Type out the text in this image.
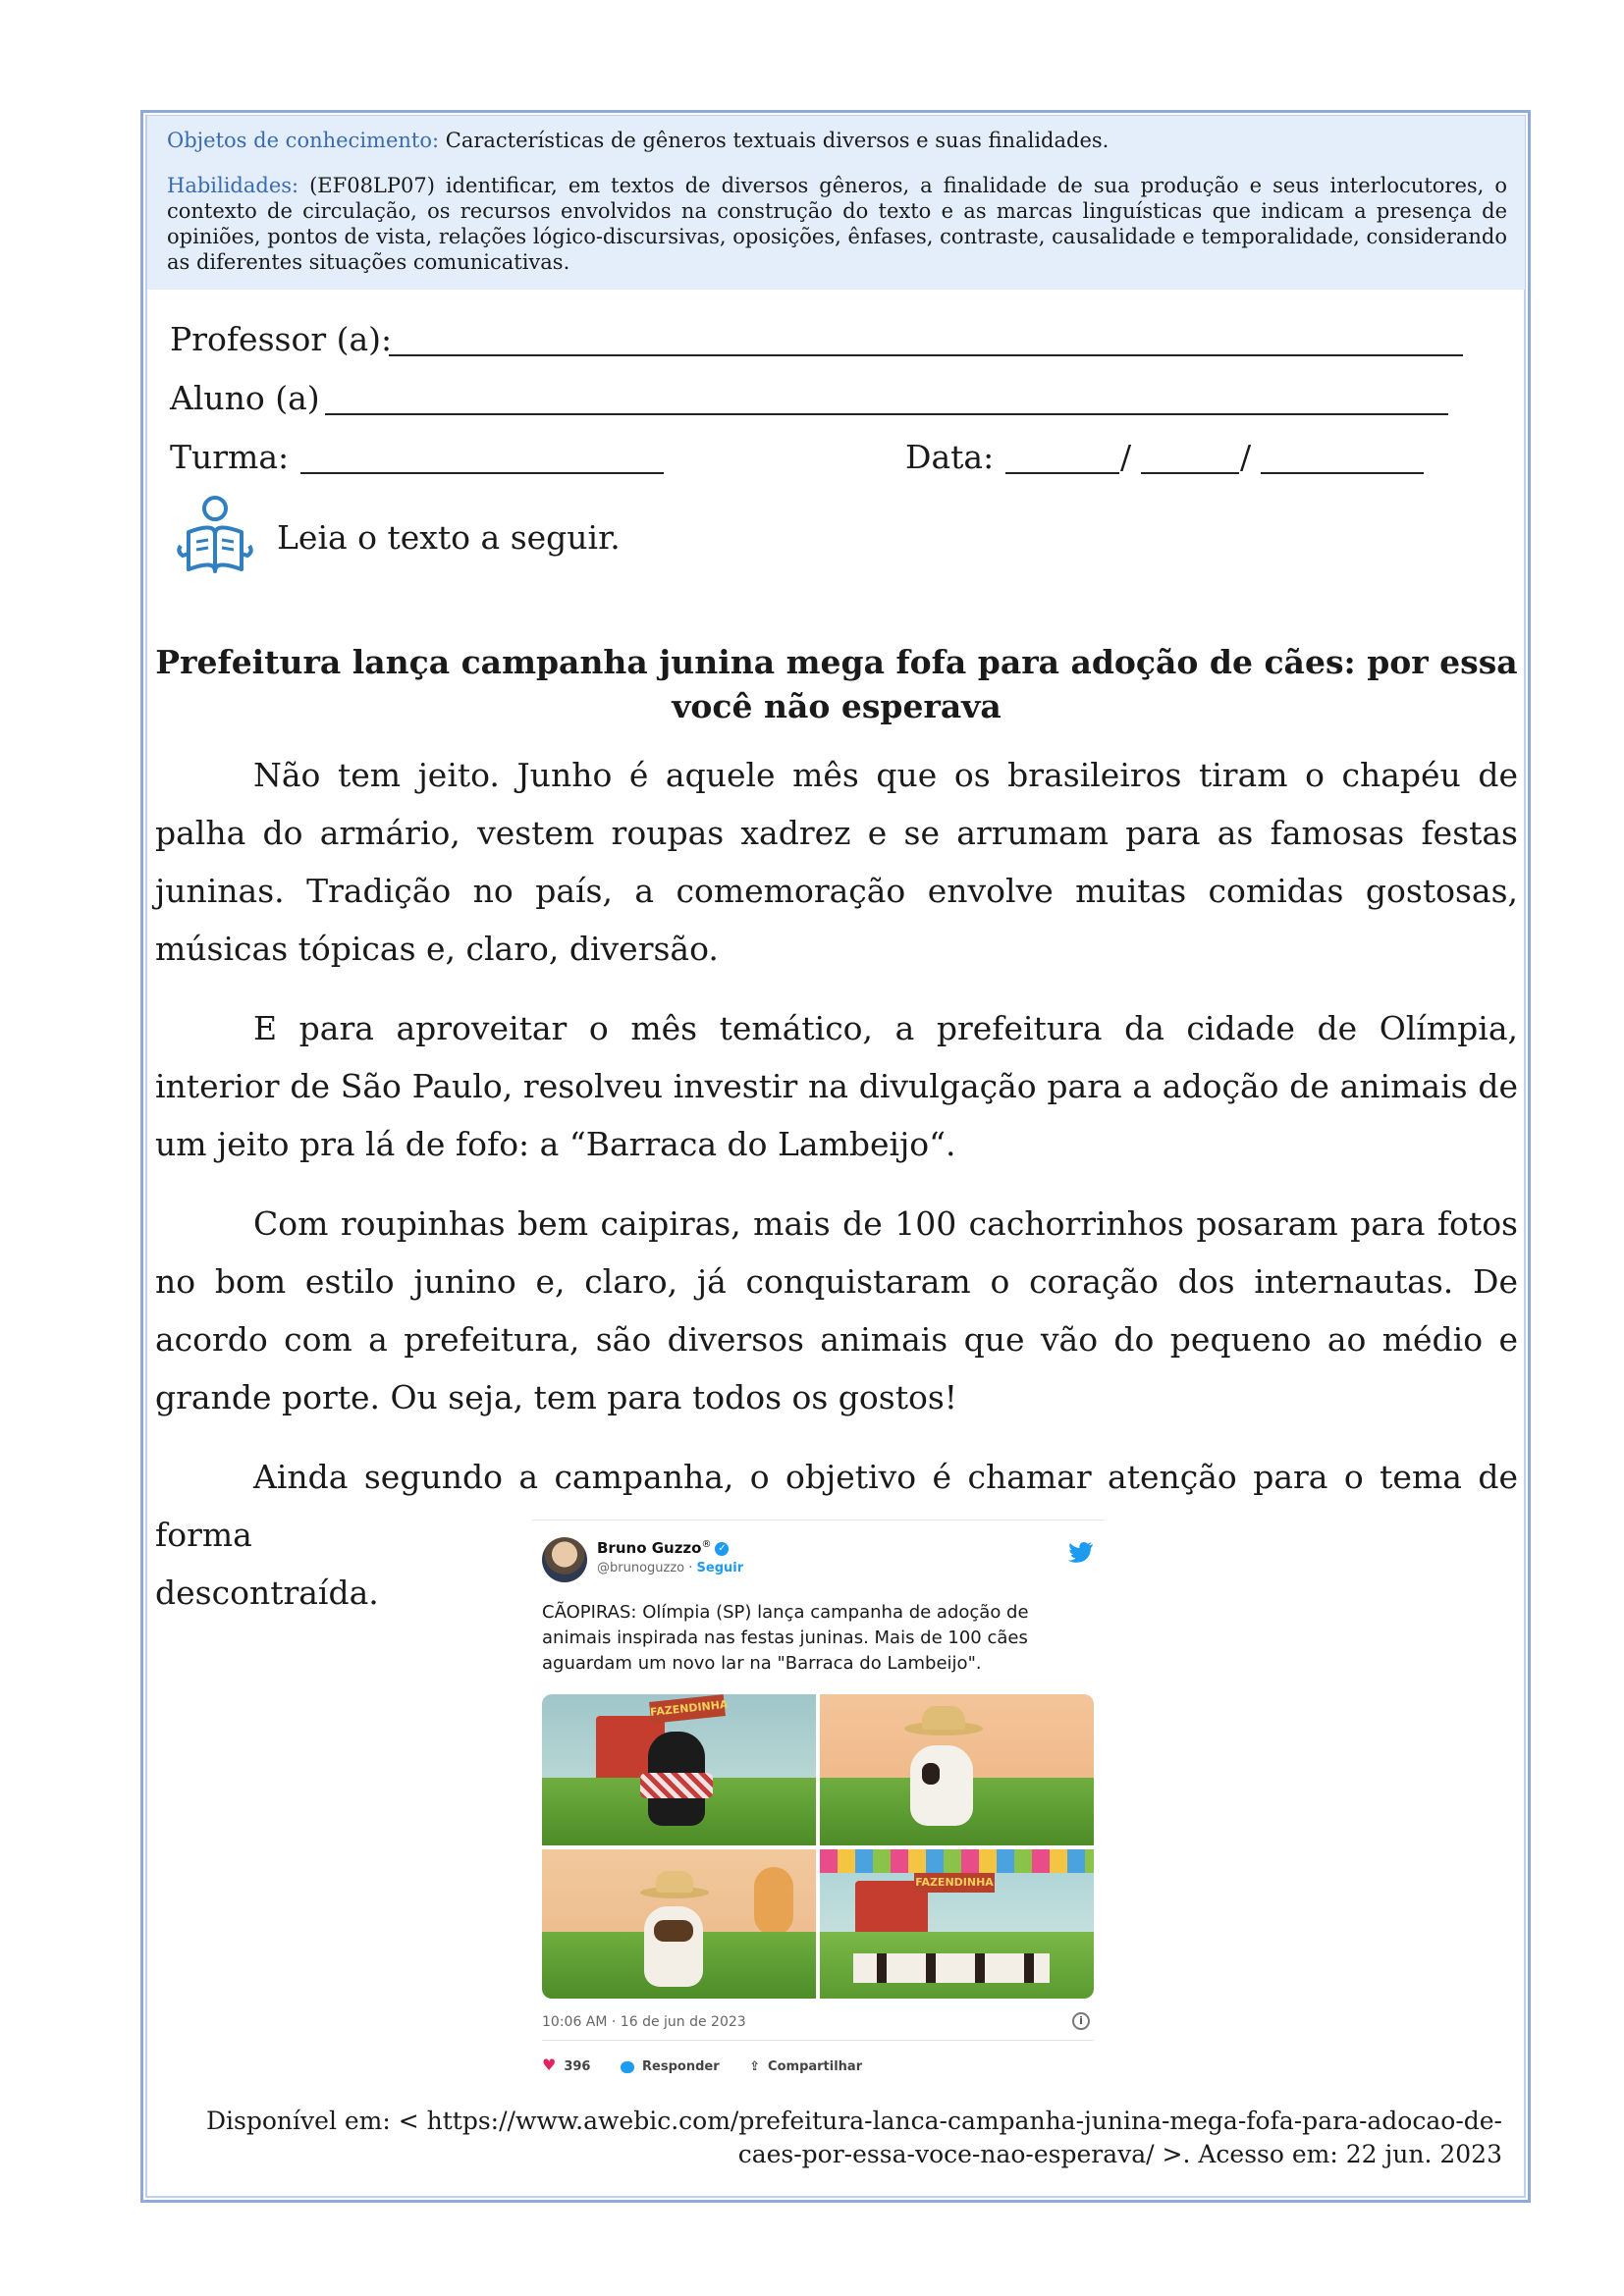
Objetos de conhecimento: Características de gêneros textuais diversos e suas finalidades.

Habilidades: (EF08LP07) identificar, em textos de diversos gêneros, a finalidade de sua produção e seus interlocutores, o contexto de circulação, os recursos envolvidos na construção do texto e as marcas linguísticas que indicam a presença de opiniões, pontos de vista, relações lógico-discursivas, oposições, ênfases, contraste, causalidade e temporalidade, considerando as diferentes situações comunicativas.

Professor (a):
Aluno (a)
Turma:	Data:	/	/
Leia o texto a seguir.
Prefeitura lança campanha junina mega fofa para adoção de cães: por essa você não esperava
Não tem jeito. Junho é aquele mês que os brasileiros tiram o chapéu de palha do armário, vestem roupas xadrez e se arrumam para as famosas festas juninas. Tradição no país, a comemoração envolve muitas comidas gostosas, músicas tópicas e, claro, diversão.
E para aproveitar o mês temático, a prefeitura da cidade de Olímpia, interior de São Paulo, resolveu investir na divulgação para a adoção de animais de um jeito pra lá de fofo: a “Barraca do Lambeijo“.
Com roupinhas bem caipiras, mais de 100 cachorrinhos posaram para fotos no bom estilo junino e, claro, já conquistaram o coração dos internautas. De acordo com a prefeitura, são diversos animais que vão do pequeno ao médio e grande porte. Ou seja, tem para todos os gostos!
Ainda segundo a campanha, o objetivo é chamar atenção para o tema de forma
descontraída.
Bruno Guzzo® ✓
@brunoguzzo · Seguir
CÃOPIRAS: Olímpia (SP) lança campanha de adoção de animais inspirada nas festas juninas. Mais de 100 cães aguardam um novo lar na "Barraca do Lambeijo".
FAZENDINHA
FAZENDINHA
10:06 AM · 16 de jun de 2023	i
♥ 396	Responder ⇪ Compartilhar
Disponível em: < https://www.awebic.com/prefeitura-lanca-campanha-junina-mega-fofa-para-adocao-de-
caes-por-essa-voce-nao-esperava/ >. Acesso em: 22 jun. 2023
